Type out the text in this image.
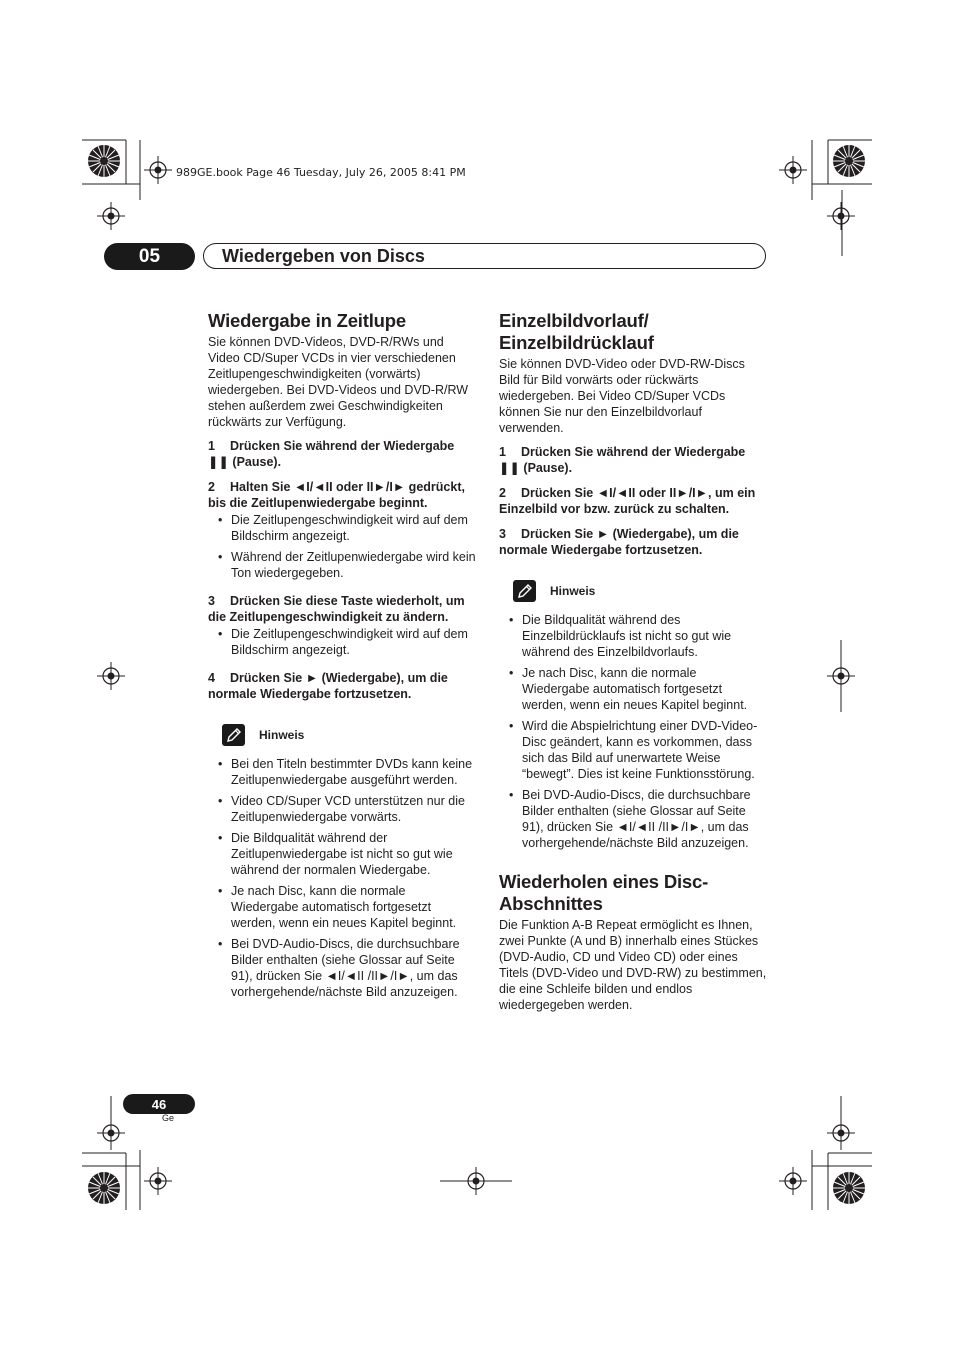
989GE.book Page 46 Tuesday, July 26, 2005 8:41 PM
05	Wiedergeben von Discs
Wiedergabe in Zeitlupe

Sie können DVD-Videos, DVD-R/RWs und Video CD/Super VCDs in vier verschiedenen Zeitlupengeschwindigkeiten (vorwärts) wiedergeben. Bei DVD-Videos und DVD-R/RW stehen außerdem zwei Geschwindigkeiten rückwärts zur Verfügung.

1 Drücken Sie während der Wiedergabe ❚❚ (Pause).
2 Halten Sie ◄I/◄II oder II►/I► gedrückt, bis die Zeitlupenwiedergabe beginnt.
• Die Zeitlupengeschwindigkeit wird auf dem Bildschirm angezeigt.
• Während der Zeitlupenwiedergabe wird kein Ton wiedergegeben.
3 Drücken Sie diese Taste wiederholt, um die Zeitlupengeschwindigkeit zu ändern.
• Die Zeitlupengeschwindigkeit wird auf dem Bildschirm angezeigt.
4 Drücken Sie ► (Wiedergabe), um die normale Wiedergabe fortzusetzen.
Hinweis
• Bei den Titeln bestimmter DVDs kann keine Zeitlupenwiedergabe ausgeführt werden.
• Video CD/Super VCD unterstützen nur die Zeitlupenwiedergabe vorwärts.
• Die Bildqualität während der Zeitlupenwiedergabe ist nicht so gut wie während der normalen Wiedergabe.
• Je nach Disc, kann die normale Wiedergabe automatisch fortgesetzt werden, wenn ein neues Kapitel beginnt.
• Bei DVD-Audio-Discs, die durchsuchbare Bilder enthalten (siehe Glossar auf Seite 91), drücken Sie ◄I/◄II /II►/I►, um das vorhergehende/nächste Bild anzuzeigen.
Einzelbildvorlauf/ Einzelbildrücklauf

Sie können DVD-Video oder DVD-RW-Discs Bild für Bild vorwärts oder rückwärts wiedergeben. Bei Video CD/Super VCDs können Sie nur den Einzelbildvorlauf verwenden.

1 Drücken Sie während der Wiedergabe ❚❚ (Pause).
2 Drücken Sie ◄I/◄II oder II►/I►, um ein Einzelbild vor bzw. zurück zu schalten.
3 Drücken Sie ► (Wiedergabe), um die normale Wiedergabe fortzusetzen.
Hinweis
• Die Bildqualität während des Einzelbildrücklaufs ist nicht so gut wie während des Einzelbildvorlaufs.
• Je nach Disc, kann die normale Wiedergabe automatisch fortgesetzt werden, wenn ein neues Kapitel beginnt.
• Wird die Abspielrichtung einer DVD-Video-Disc geändert, kann es vorkommen, dass sich das Bild auf unerwartete Weise “bewegt”. Dies ist keine Funktionsstörung.
• Bei DVD-Audio-Discs, die durchsuchbare Bilder enthalten (siehe Glossar auf Seite 91), drücken Sie ◄I/◄II /II►/I►, um das vorhergehende/nächste Bild anzuzeigen.
Wiederholen eines Disc-Abschnittes

Die Funktion A-B Repeat ermöglicht es Ihnen, zwei Punkte (A und B) innerhalb eines Stückes (DVD-Audio, CD und Video CD) oder eines Titels (DVD-Video und DVD-RW) zu bestimmen, die eine Schleife bilden und endlos wiedergegeben werden.

46
Ge
